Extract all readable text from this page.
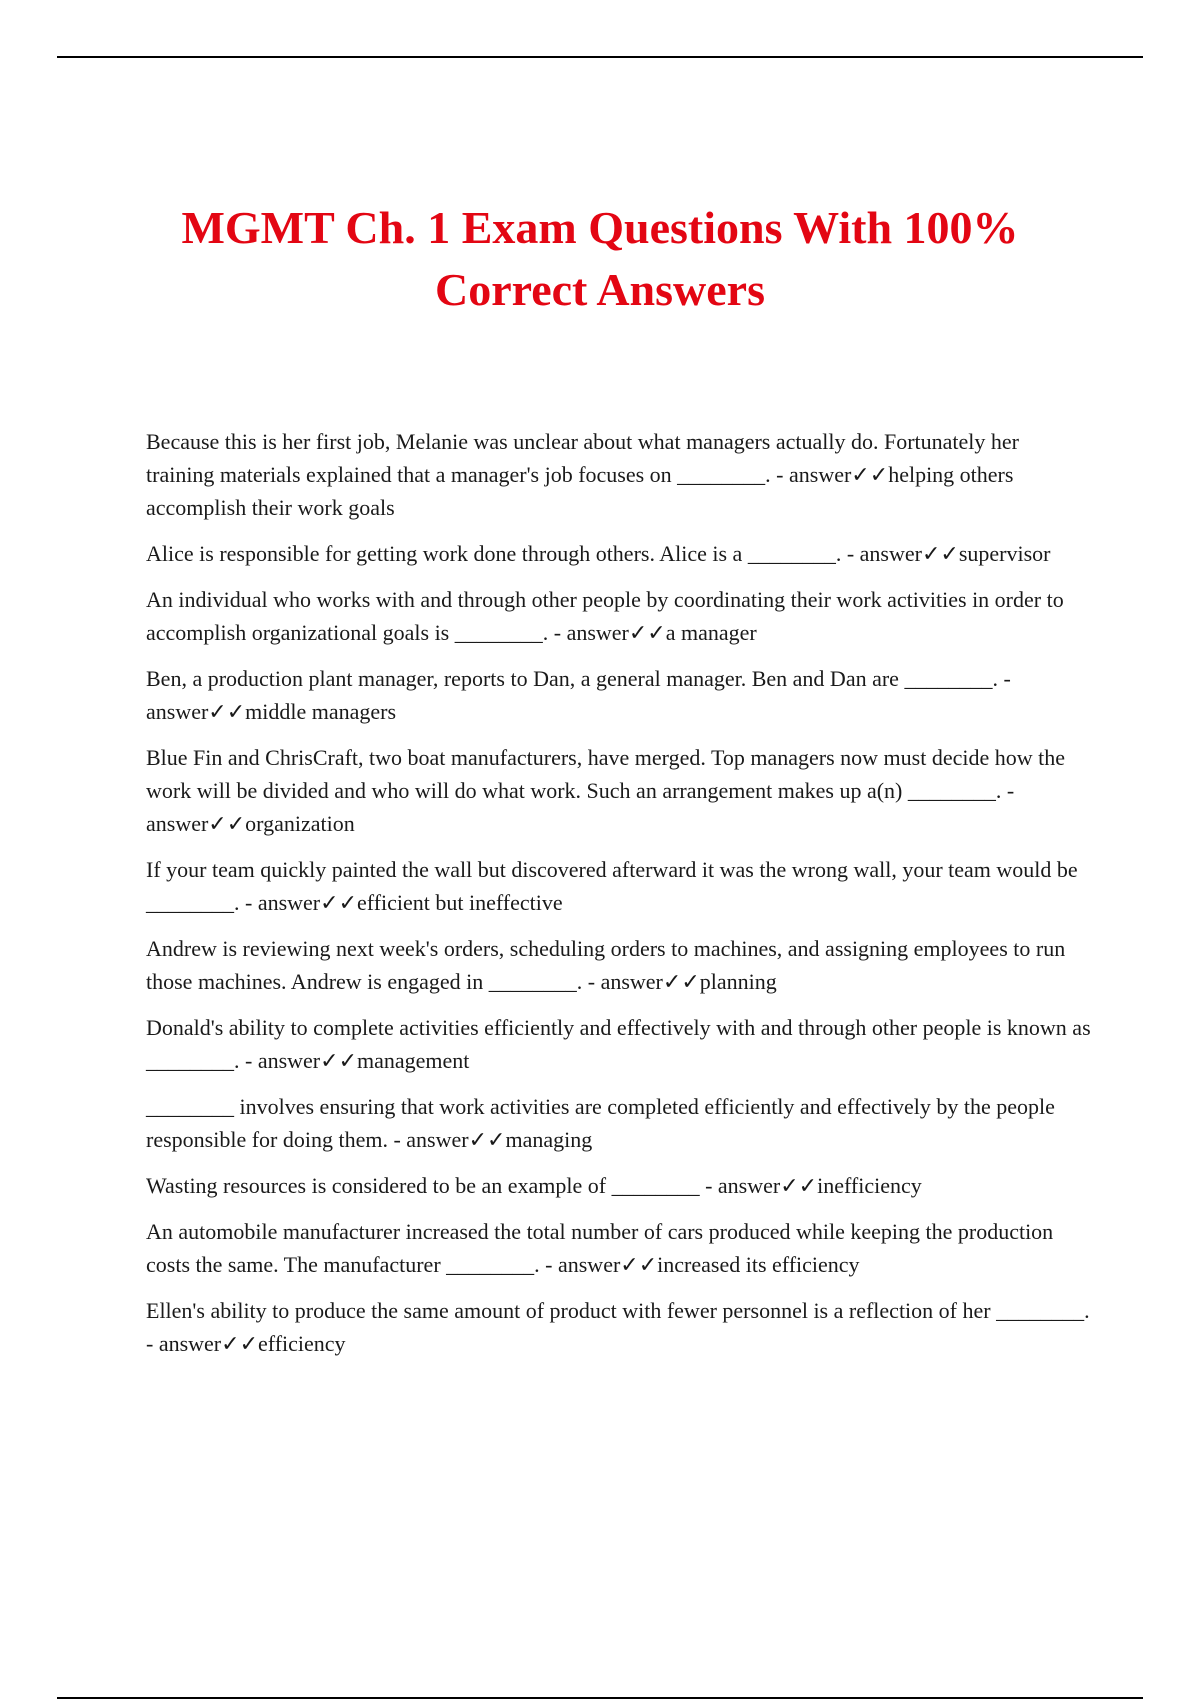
MGMT Ch. 1 Exam Questions With 100%
Correct Answers

Because this is her first job, Melanie was unclear about what managers actually do. Fortunately her training materials explained that a manager's job focuses on ________. - answer✓✓helping others accomplish their work goals

Alice is responsible for getting work done through others. Alice is a ________. - answer✓✓supervisor

An individual who works with and through other people by coordinating their work activities in order to accomplish organizational goals is ________. - answer✓✓a manager

Ben, a production plant manager, reports to Dan, a general manager. Ben and Dan are ________. - answer✓✓middle managers

Blue Fin and ChrisCraft, two boat manufacturers, have merged. Top managers now must decide how the work will be divided and who will do what work. Such an arrangement makes up a(n) ________. - answer✓✓organization

If your team quickly painted the wall but discovered afterward it was the wrong wall, your team would be ________. - answer✓✓efficient but ineffective

Andrew is reviewing next week's orders, scheduling orders to machines, and assigning employees to run those machines. Andrew is engaged in ________. - answer✓✓planning

Donald's ability to complete activities efficiently and effectively with and through other people is known as ________. - answer✓✓management

________ involves ensuring that work activities are completed efficiently and effectively by the people responsible for doing them. - answer✓✓managing

Wasting resources is considered to be an example of ________ - answer✓✓inefficiency

An automobile manufacturer increased the total number of cars produced while keeping the production costs the same. The manufacturer ________. - answer✓✓increased its efficiency

Ellen's ability to produce the same amount of product with fewer personnel is a reflection of her ________. - answer✓✓efficiency
